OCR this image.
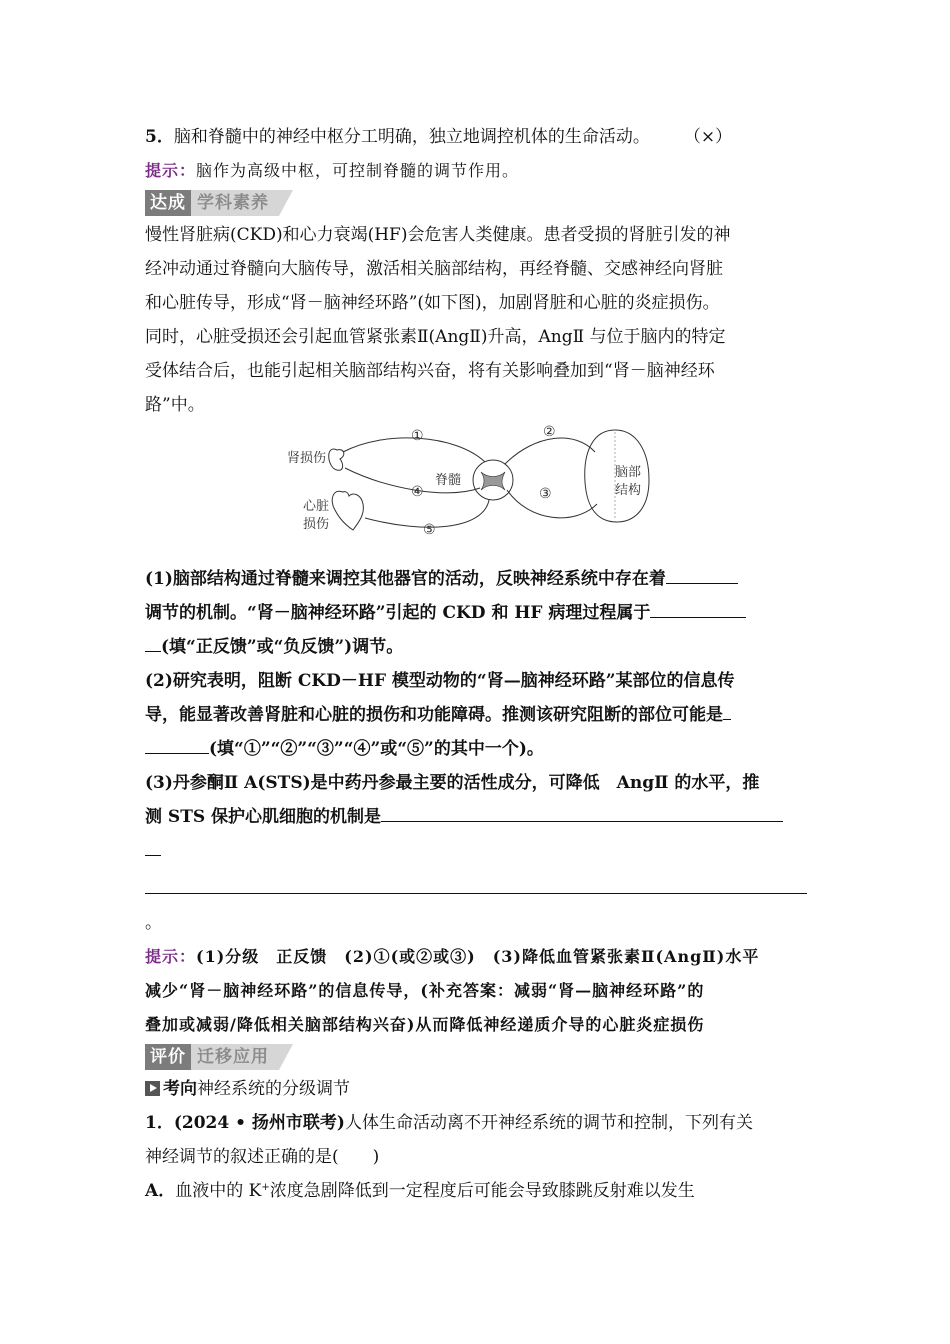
5．脑和脊髓中的神经中枢分工明确，独立地调控机体的生命活动。 （×）
提示：脑作为高级中枢，可控制脊髓的调节作用。
达成 学科素养
慢性肾脏病(CKD)和心力衰竭(HF)会危害人类健康。患者受损的肾脏引发的神
经冲动通过脊髓向大脑传导，激活相关脑部结构，再经脊髓、交感神经向肾脏
和心脏传导，形成“肾－脑神经环路”(如下图)，加剧肾脏和心脏的炎症损伤。
同时，心脏受损还会引起血管紧张素Ⅱ(AngⅡ)升高，AngⅡ 与位于脑内的特定
受体结合后，也能引起相关脑部结构兴奋，将有关影响叠加到“肾－脑神经环
路”中。
肾损伤
心脏
损伤
脊髓
脑部
结构
①	②
③
④
⑤
(1)脑部结构通过脊髓来调控其他器官的活动，反映神经系统中存在着
调节的机制。“肾－脑神经环路”引起的 CKD 和 HF 病理过程属于
(填“正反馈”或“负反馈”)调节。
(2)研究表明，阻断 CKD－HF 模型动物的“肾—脑神经环路”某部位的信息传
导，能显著改善肾脏和心脏的损伤和功能障碍。推测该研究阻断的部位可能是
(填“①”“②”“③”“④”或“⑤”的其中一个)。
(3)丹参酮Ⅱ A(STS)是中药丹参最主要的活性成分，可降低　AngⅡ 的水平，推
测 STS 保护心肌细胞的机制是
。
提示：(1)分级　正反馈　(2)①(或②或③)　(3)降低血管紧张素Ⅱ(AngⅡ)水平
减少“肾－脑神经环路”的信息传导，(补充答案：减弱“肾—脑神经环路”的
叠加或减弱/降低相关脑部结构兴奋)从而降低神经递质介导的心脏炎症损伤
评价 迁移应用
考向神经系统的分级调节
1．(2024 • 扬州市联考)人体生命活动离不开神经系统的调节和控制，下列有关
神经调节的叙述正确的是(　　)
A．血液中的 K+浓度急剧降低到一定程度后可能会导致膝跳反射难以发生
